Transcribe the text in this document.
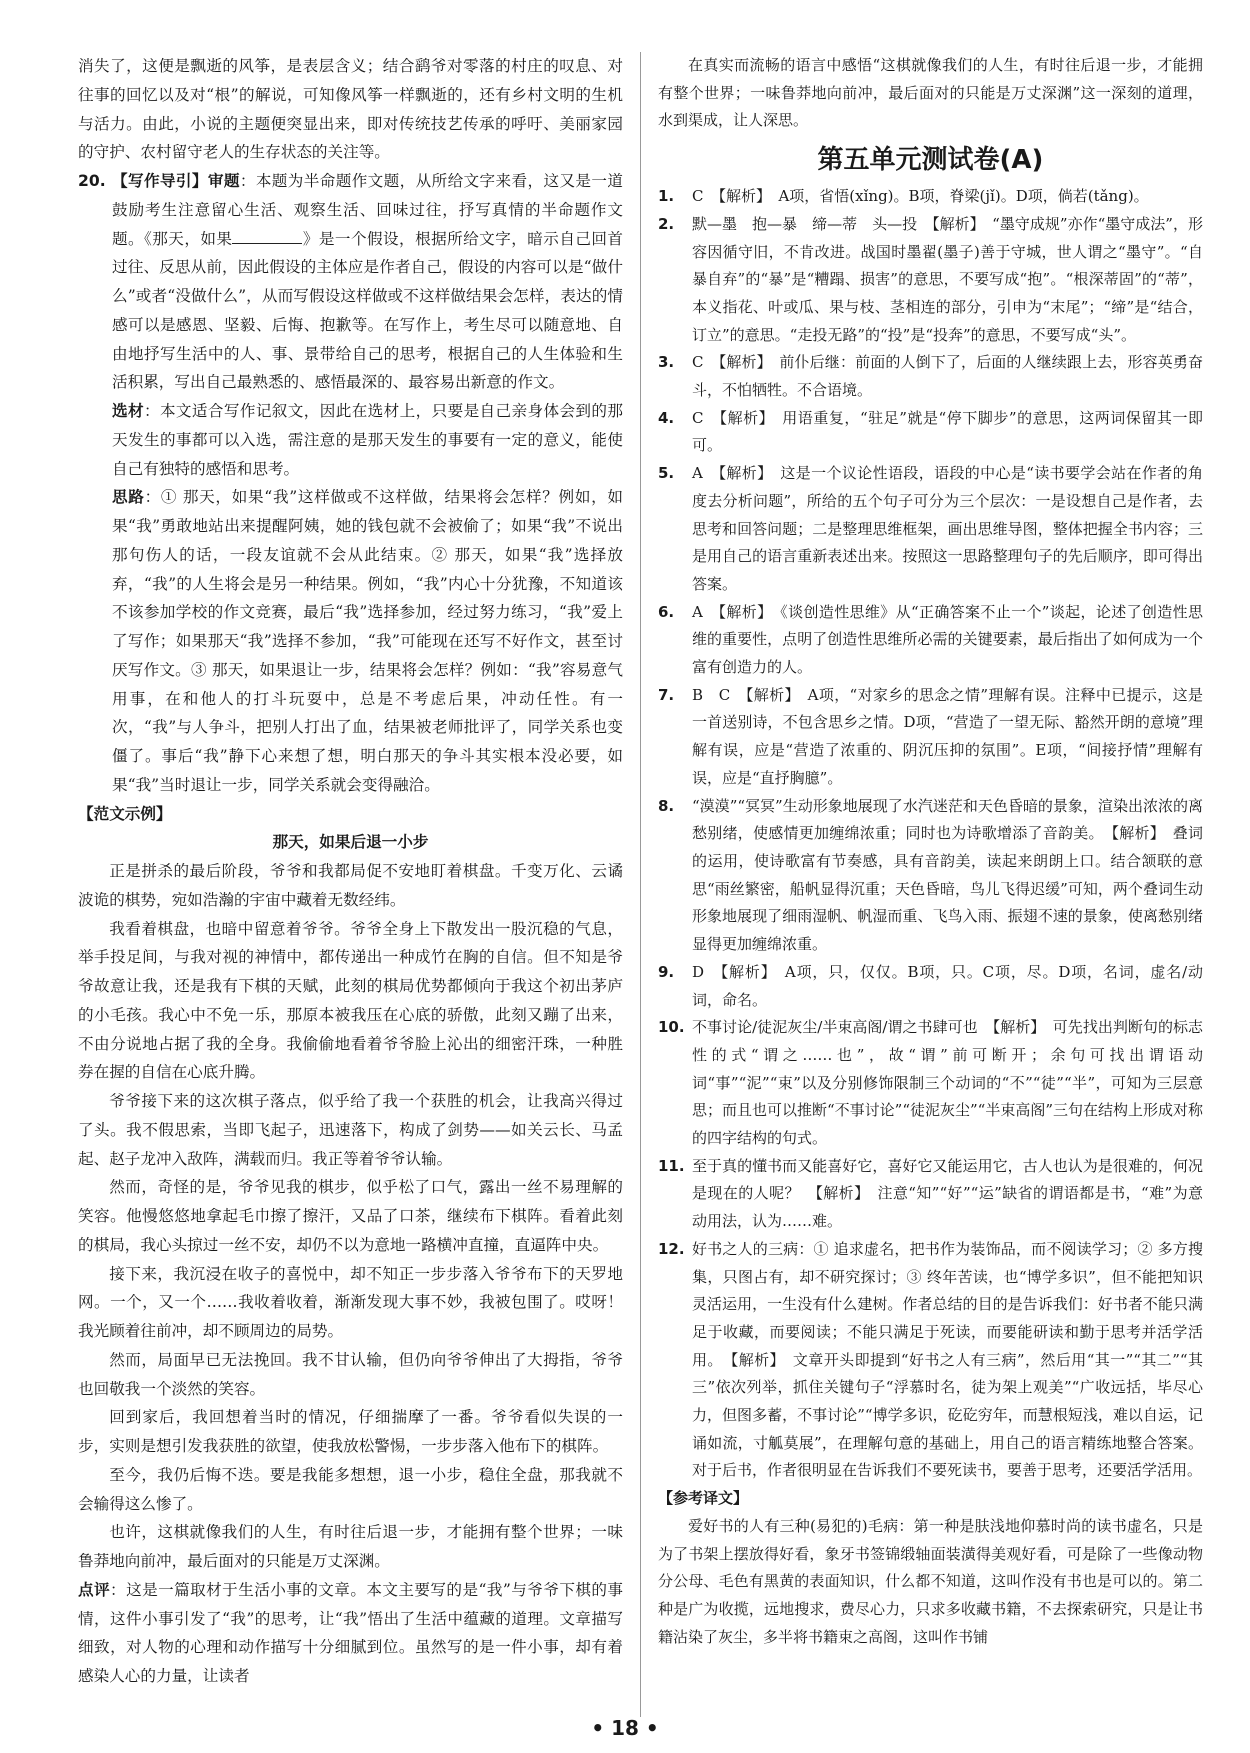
消失了，这便是飘逝的风筝，是表层含义；结合鹞爷对零落的村庄的叹息、对往事的回忆以及对“根”的解说，可知像风筝一样飘逝的，还有乡村文明的生机与活力。由此，小说的主题便突显出来，即对传统技艺传承的呼吁、美丽家园的守护、农村留守老人的生存状态的关注等。

20. 【写作导引】审题：本题为半命题作文题，从所给文字来看，这又是一道鼓励考生注意留心生活、观察生活、回味过往，抒写真情的半命题作文题。《那天，如果	》是一个假设，根据所给文字，暗示自己回首过往、反思从前，因此假设的主体应是作者自己，假设的内容可以是“做什么”或者“没做什么”，从而写假设这样做或不这样做结果会怎样，表达的情感可以是感恩、坚毅、后悔、抱歉等。在写作上，考生尽可以随意地、自由地抒写生活中的人、事、景带给自己的思考，根据自己的人生体验和生活积累，写出自己最熟悉的、感悟最深的、最容易出新意的作文。

选材：本文适合写作记叙文，因此在选材上，只要是自己亲身体会到的那天发生的事都可以入选，需注意的是那天发生的事要有一定的意义，能使自己有独特的感悟和思考。

思路：① 那天，如果“我”这样做或不这样做，结果将会怎样？例如，如果“我”勇敢地站出来提醒阿姨，她的钱包就不会被偷了；如果“我”不说出那句伤人的话，一段友谊就不会从此结束。② 那天，如果“我”选择放弃，“我”的人生将会是另一种结果。例如，“我”内心十分犹豫，不知道该不该参加学校的作文竞赛，最后“我”选择参加，经过努力练习，“我”爱上了写作；如果那天“我”选择不参加，“我”可能现在还写不好作文，甚至讨厌写作文。③ 那天，如果退让一步，结果将会怎样？例如：“我”容易意气用事，在和他人的打斗玩耍中，总是不考虑后果，冲动任性。有一次，“我”与人争斗，把别人打出了血，结果被老师批评了，同学关系也变僵了。事后“我”静下心来想了想，明白那天的争斗其实根本没必要，如果“我”当时退让一步，同学关系就会变得融洽。

【范文示例】

那天，如果后退一小步

正是拼杀的最后阶段，爷爷和我都局促不安地盯着棋盘。千变万化、云谲波诡的棋势，宛如浩瀚的宇宙中藏着无数经纬。

我看着棋盘，也暗中留意着爷爷。爷爷全身上下散发出一股沉稳的气息，举手投足间，与我对视的神情中，都传递出一种成竹在胸的自信。但不知是爷爷故意让我，还是我有下棋的天赋，此刻的棋局优势都倾向于我这个初出茅庐的小毛孩。我心中不免一乐，那原本被我压在心底的骄傲，此刻又蹦了出来，不由分说地占据了我的全身。我偷偷地看着爷爷脸上沁出的细密汗珠，一种胜券在握的自信在心底升腾。

爷爷接下来的这次棋子落点，似乎给了我一个获胜的机会，让我高兴得过了头。我不假思索，当即飞起子，迅速落下，构成了剑势——如关云长、马孟起、赵子龙冲入敌阵，满载而归。我正等着爷爷认输。

然而，奇怪的是，爷爷见我的棋步，似乎松了口气，露出一丝不易理解的笑容。他慢悠悠地拿起毛巾擦了擦汗，又品了口茶，继续布下棋阵。看着此刻的棋局，我心头掠过一丝不安，却仍不以为意地一路横冲直撞，直逼阵中央。

接下来，我沉浸在收子的喜悦中，却不知正一步步落入爷爷布下的天罗地网。一个，又一个……我收着收着，渐渐发现大事不妙，我被包围了。哎呀！我光顾着往前冲，却不顾周边的局势。

然而，局面早已无法挽回。我不甘认输，但仍向爷爷伸出了大拇指，爷爷也回敬我一个淡然的笑容。

回到家后，我回想着当时的情况，仔细揣摩了一番。爷爷看似失误的一步，实则是想引发我获胜的欲望，使我放松警惕，一步步落入他布下的棋阵。

至今，我仍后悔不迭。要是我能多想想，退一小步，稳住全盘，那我就不会输得这么惨了。

也许，这棋就像我们的人生，有时往后退一步，才能拥有整个世界；一味鲁莽地向前冲，最后面对的只能是万丈深渊。

点评：这是一篇取材于生活小事的文章。本文主要写的是“我”与爷爷下棋的事情，这件小事引发了“我”的思考，让“我”悟出了生活中蕴藏的道理。文章描写细致，对人物的心理和动作描写十分细腻到位。虽然写的是一件小事，却有着感染人心的力量，让读者

在真实而流畅的语言中感悟“这棋就像我们的人生，有时往后退一步，才能拥有整个世界；一味鲁莽地向前冲，最后面对的只能是万丈深渊”这一深刻的道理，水到渠成，让人深思。

第五单元测试卷(A)
1. C　【解析】　A项，省悟(xǐng)。B项，脊梁(jǐ)。D项，倘若(tǎng)。

2. 默—墨　抱—暴　缔—蒂　头—投　【解析】　“墨守成规”亦作“墨守成法”，形容因循守旧，不肯改进。战国时墨翟(墨子)善于守城，世人谓之“墨守”。“自暴自弃”的“暴”是“糟蹋、损害”的意思，不要写成“抱”。“根深蒂固”的“蒂”，本义指花、叶或瓜、果与枝、茎相连的部分，引申为“末尾”；“缔”是“结合，订立”的意思。“走投无路”的“投”是“投奔”的意思，不要写成“头”。

3. C　【解析】　前仆后继：前面的人倒下了，后面的人继续跟上去，形容英勇奋斗，不怕牺牲。不合语境。

4. C　【解析】　用语重复，“驻足”就是“停下脚步”的意思，这两词保留其一即可。

5. A　【解析】　这是一个议论性语段，语段的中心是“读书要学会站在作者的角度去分析问题”，所给的五个句子可分为三个层次：一是设想自己是作者，去思考和回答问题；二是整理思维框架，画出思维导图，整体把握全书内容；三是用自己的语言重新表述出来。按照这一思路整理句子的先后顺序，即可得出答案。

6. A　【解析】　《谈创造性思维》从“正确答案不止一个”谈起，论述了创造性思维的重要性，点明了创造性思维所必需的关键要素，最后指出了如何成为一个富有创造力的人。

7. B　C　【解析】　A项，“对家乡的思念之情”理解有误。注释中已提示，这是一首送别诗，不包含思乡之情。D项，“营造了一望无际、豁然开朗的意境”理解有误，应是“营造了浓重的、阴沉压抑的氛围”。E项，“间接抒情”理解有误，应是“直抒胸臆”。

8. “漠漠”“冥冥”生动形象地展现了水汽迷茫和天色昏暗的景象，渲染出浓浓的离愁别绪，使感情更加缠绵浓重；同时也为诗歌增添了音韵美。　【解析】　叠词的运用，使诗歌富有节奏感，具有音韵美，读起来朗朗上口。结合颔联的意思“雨丝繁密，船帆显得沉重；天色昏暗，鸟儿飞得迟缓”可知，两个叠词生动形象地展现了细雨湿帆、帆湿而重、飞鸟入雨、振翅不速的景象，使离愁别绪显得更加缠绵浓重。

9. D　【解析】　A项，只，仅仅。B项，只。C项，尽。D项，名词，虚名/动词，命名。

10. 不事讨论/徒泥灰尘/半束高阁/谓之书肆可也　【解析】　可先找出判断句的标志性的式“谓之……也”，故“谓”前可断开；余句可找出谓语动词“事”“泥”“束”以及分别修饰限制三个动词的“不”“徒”“半”，可知为三层意思；而且也可以推断“不事讨论”“徒泥灰尘”“半束高阁”三句在结构上形成对称的四字结构的句式。

11. 至于真的懂书而又能喜好它，喜好它又能运用它，古人也认为是很难的，何况是现在的人呢？　【解析】　注意“知”“好”“运”缺省的谓语都是书，“难”为意动用法，认为……难。

12. 好书之人的三病：① 追求虚名，把书作为装饰品，而不阅读学习；② 多方搜集，只图占有，却不研究探讨；③ 终年苦读，也“博学多识”，但不能把知识灵活运用，一生没有什么建树。作者总结的目的是告诉我们：好书者不能只满足于收藏，而要阅读；不能只满足于死读，而要能研读和勤于思考并活学活用。　【解析】　文章开头即提到“好书之人有三病”，然后用“其一”“其二”“其三”依次列举，抓住关键句子“浮慕时名，徒为架上观美”“广收远括，毕尽心力，但图多蓄，不事讨论”“博学多识，矻矻穷年，而慧根短浅，难以自运，记诵如流，寸觚莫展”，在理解句意的基础上，用自己的语言精练地整合答案。对于后书，作者很明显在告诉我们不要死读书，要善于思考，还要活学活用。

【参考译文】

爱好书的人有三种(易犯的)毛病：第一种是肤浅地仰慕时尚的读书虚名，只是为了书架上摆放得好看，象牙书签锦缎轴面装潢得美观好看，可是除了一些像动物分公母、毛色有黑黄的表面知识，什么都不知道，这叫作没有书也是可以的。第二种是广为收揽，远地搜求，费尽心力，只求多收藏书籍，不去探索研究，只是让书籍沾染了灰尘，多半将书籍束之高阁，这叫作书铺

• 18 •
